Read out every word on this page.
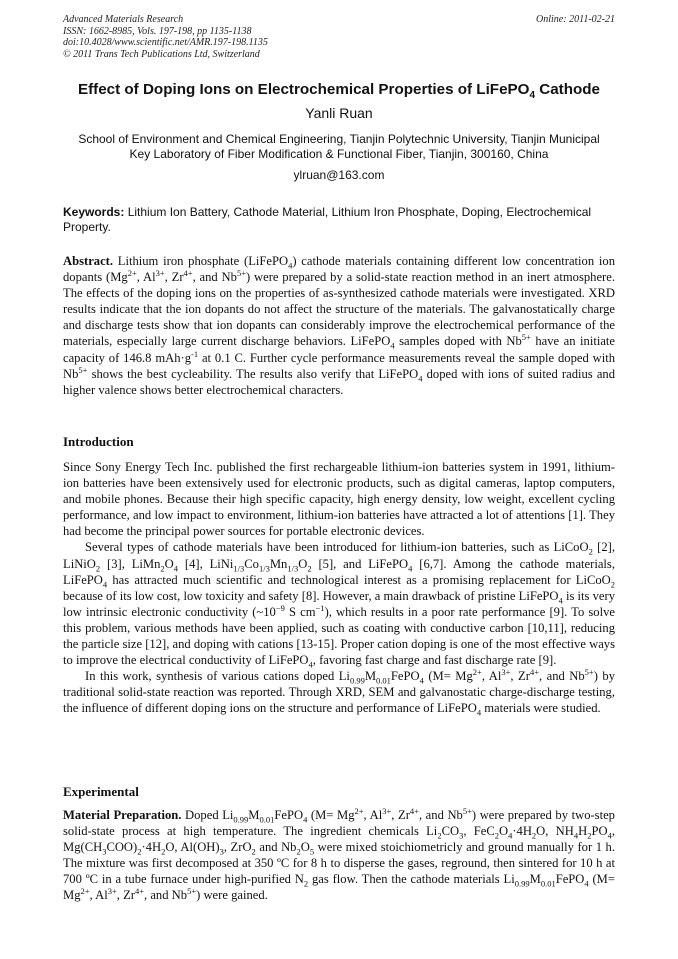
Advanced Materials Research
ISSN: 1662-8985, Vols. 197-198, pp 1135-1138
doi:10.4028/www.scientific.net/AMR.197-198.1135
© 2011 Trans Tech Publications Ltd, Switzerland
Online: 2011-02-21
Effect of Doping Ions on Electrochemical Properties of LiFePO$_4$ Cathode
Yanli Ruan
School of Environment and Chemical Engineering, Tianjin Polytechnic University, Tianjin Municipal
Key Laboratory of Fiber Modification & Functional Fiber, Tianjin, 300160, China
ylruan@163.com
Keywords: Lithium Ion Battery, Cathode Material, Lithium Iron Phosphate, Doping, Electrochemical Property.

Abstract. Lithium iron phosphate (LiFePO$_4$) cathode materials containing different low concentration ion dopants ($Mg^{2+}$, $Al^{3+}$, $Zr^{4+}$, and $Nb^{5+}$) were prepared by a solid-state reaction method in an inert atmosphere. The effects of the doping ions on the properties of as-synthesized cathode materials were investigated. XRD results indicate that the ion dopants do not affect the structure of the materials. The galvanostatically charge and discharge tests show that ion dopants can considerably improve the electrochemical performance of the materials, especially large current discharge behaviors. LiFePO$_4$ samples doped with $Nb^{5+}$ have an initiate capacity of 146.8 $mAh\cdot g^{-1}$ at 0.1 C. Further cycle performance measurements reveal the sample doped with $Nb^{5+}$ shows the best cycleability. The results also verify that LiFePO$_4$ doped with ions of suited radius and higher valence shows better electrochemical characters.

Introduction

Since Sony Energy Tech Inc. published the first rechargeable lithium-ion batteries system in 1991, lithium-ion batteries have been extensively used for electronic products, such as digital cameras, laptop computers, and mobile phones. Because their high specific capacity, high energy density, low weight, excellent cycling performance, and low impact to environment, lithium-ion batteries have attracted a lot of attentions [1]. They had become the principal power sources for portable electronic devices.

Several types of cathode materials have been introduced for lithium-ion batteries, such as LiCoO$_2$ [2], LiNiO$_2$ [3], $LiMn_2O_4$ [4], $LiNi_{1/3}Co_{1/3}Mn_{1/3}O_2$ [5], and LiFePO$_4$ [6,7]. Among the cathode materials, LiFePO$_4$ has attracted much scientific and technological interest as a promising replacement for LiCoO$_2$ because of its low cost, low toxicity and safety [8]. However, a main drawback of pristine LiFePO$_4$ is its very low intrinsic electronic conductivity ($\sim 10^{-9}$ S $cm^{-1}$), which results in a poor rate performance [9]. To solve this problem, various methods have been applied, such as coating with conductive carbon [10,11], reducing the particle size [12], and doping with cations [13-15]. Proper cation doping is one of the most effective ways to improve the electrical conductivity of LiFePO$_4$, favoring fast charge and fast discharge rate [9].

In this work, synthesis of various cations doped $Li_{0.99}M_{0.01}FePO_4$ ($M= Mg^{2+}$, $Al^{3+}$, $Zr^{4+}$, and $Nb^{5+}$) by traditional solid-state reaction was reported. Through XRD, SEM and galvanostatic charge-discharge testing, the influence of different doping ions on the structure and performance of LiFePO$_4$ materials were studied.

Experimental

Material Preparation. Doped $Li_{0.99}M_{0.01}FePO_4$ ($M= Mg^{2+}$, $Al^{3+}$, $Zr^{4+}$, and $Nb^{5+}$) were prepared by two-step solid-state process at high temperature. The ingredient chemicals $Li_2CO_3$, $FeC_2O_4\cdot 4H_2O$, $NH_4H_2PO_4$, $Mg(CH_3COO)_2\cdot 4H_2O$, $Al(OH)_3$, ZrO$_2$ and $Nb_2O_5$ were mixed stoichiometricly and ground manually for 1 h. The mixture was first decomposed at 350 ºC for 8 h to disperse the gases, reground, then sintered for 10 h at 700 ºC in a tube furnace under high-purified $N_2$ gas flow. Then the cathode materials $Li_{0.99}M_{0.01}FePO_4$ ($M= Mg^{2+}$, $Al^{3+}$, $Zr^{4+}$, and $Nb^{5+}$) were gained.
